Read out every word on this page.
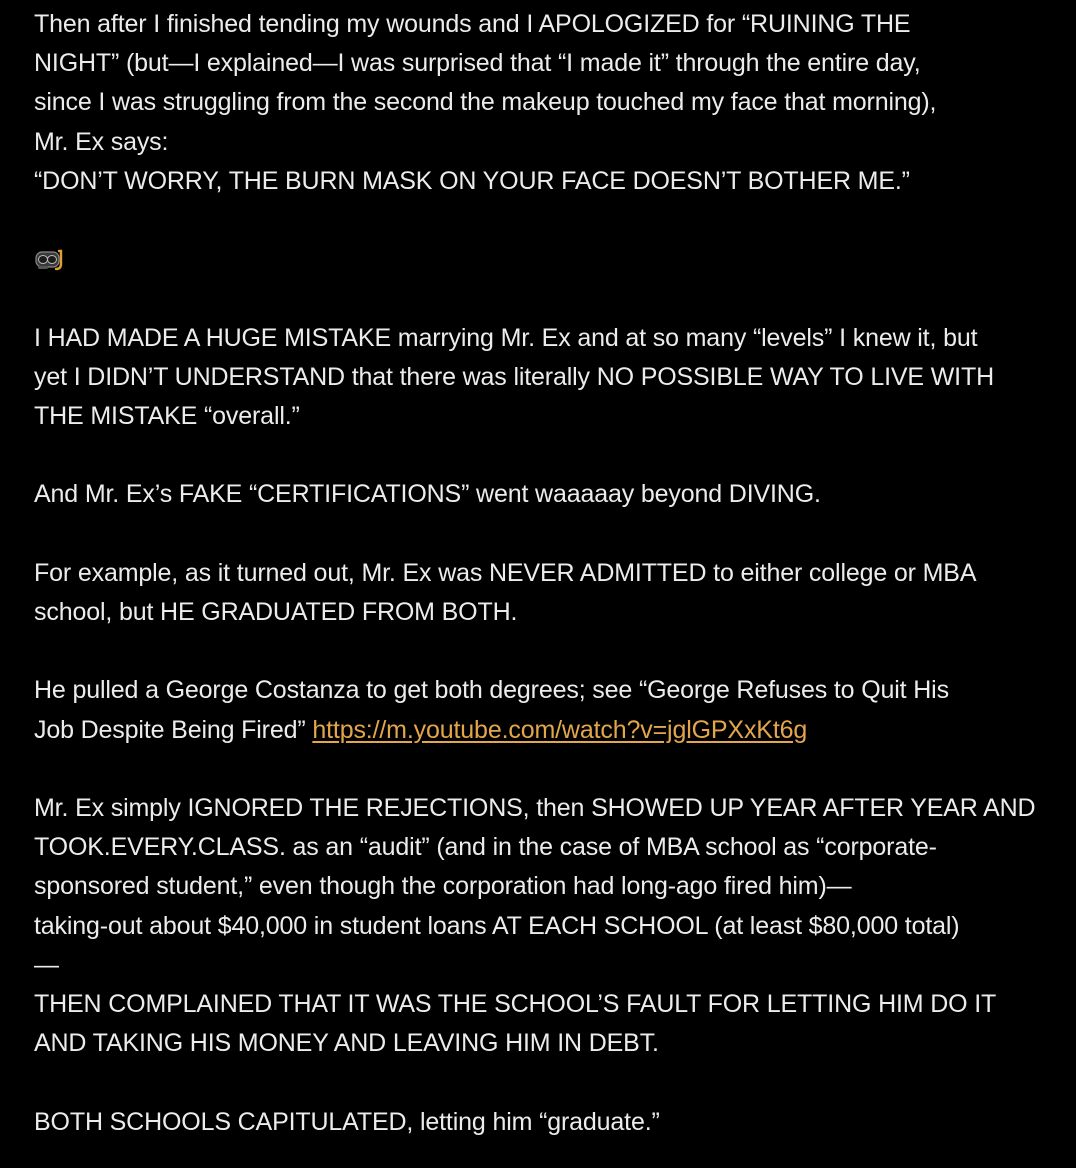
Then after I finished tending my wounds and I APOLOGIZED for “RUINING THE
NIGHT” (but—I explained—I was surprised that “I made it” through the entire day,
since I was struggling from the second the makeup touched my face that morning),
Mr. Ex says:
“DON’T WORRY, THE BURN MASK ON YOUR FACE DOESN’T BOTHER ME.”

I HAD MADE A HUGE MISTAKE marrying Mr. Ex and at so many “levels” I knew it, but
yet I DIDN’T UNDERSTAND that there was literally NO POSSIBLE WAY TO LIVE WITH
THE MISTAKE “overall.”

And Mr. Ex’s FAKE “CERTIFICATIONS” went waaaaay beyond DIVING.

For example, as it turned out, Mr. Ex was NEVER ADMITTED to either college or MBA
school, but HE GRADUATED FROM BOTH.

He pulled a George Costanza to get both degrees; see “George Refuses to Quit His
Job Despite Being Fired” https://m.youtube.com/watch?v=jglGPXxKt6g

Mr. Ex simply IGNORED THE REJECTIONS, then SHOWED UP YEAR AFTER YEAR AND
TOOK.EVERY.CLASS. as an “audit” (and in the case of MBA school as “corporate-
sponsored student,” even though the corporation had long-ago fired him)—
taking-out about $40,000 in student loans AT EACH SCHOOL (at least $80,000 total)
—
THEN COMPLAINED THAT IT WAS THE SCHOOL’S FAULT FOR LETTING HIM DO IT
AND TAKING HIS MONEY AND LEAVING HIM IN DEBT.

BOTH SCHOOLS CAPITULATED, letting him “graduate.”
